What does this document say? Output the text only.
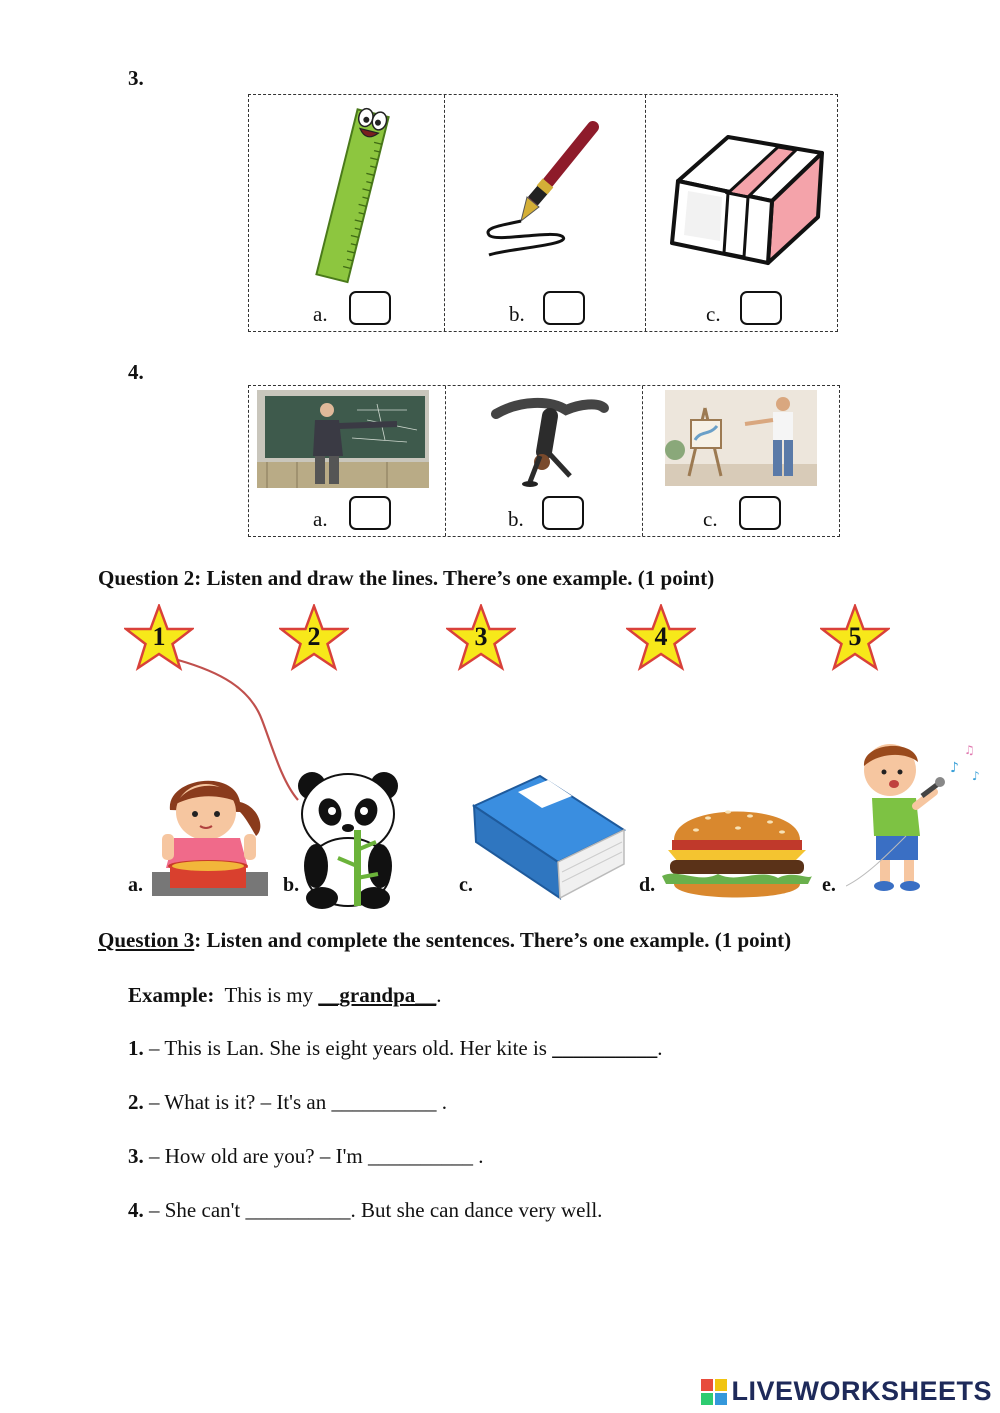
3.
a.	b.	c.
4.
a.	b.	c.
Question 2: Listen and draw the lines. There’s one example. (1 point)
1	2	3	4	5
a.	b.	c.	d.	e.
♪
♫
♪
Question 3: Listen and complete the sentences. There’s one example. (1 point)
Example: This is my __grandpa__.
1. – This is Lan. She is eight years old. Her kite is __________.
2. – What is it? – It's an __________ .
3. – How old are you? – I'm __________ .
4. – She can't __________. But she can dance very well.
LIVEWORKSHEETS
